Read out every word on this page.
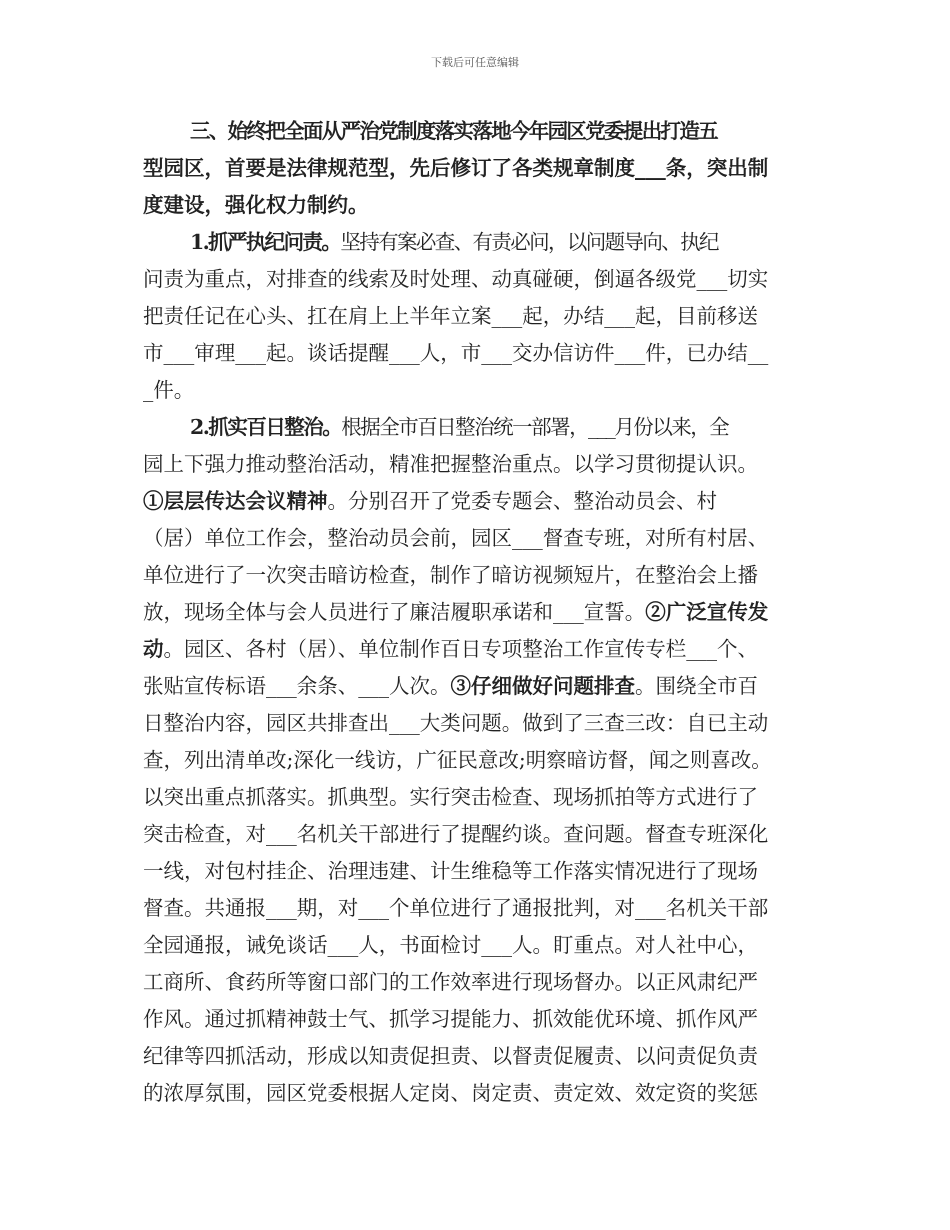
下载后可任意编辑
三、始终把全面从严治党制度落实落地今年园区党委提出打造五
型园区，首要是法律规范型，先后修订了各类规章制度___条，突出制
度建设，强化权力制约。
1.抓严执纪问责。坚持有案必查、有责必问，以问题导向、执纪
问责为重点，对排查的线索及时处理、动真碰硬，倒逼各级党___切实
把责任记在心头、扛在肩上上半年立案___起，办结___起，目前移送
市___审理___起。谈话提醒___人，市___交办信访件___件，已办结__
_件。
2.抓实百日整治。根据全市百日整治统一部署，___月份以来，全
园上下强力推动整治活动，精准把握整治重点。以学习贯彻提认识。
①层层传达会议精神。分别召开了党委专题会、整治动员会、村
（居）单位工作会，整治动员会前，园区___督查专班，对所有村居、
单位进行了一次突击暗访检查，制作了暗访视频短片，在整治会上播
放，现场全体与会人员进行了廉洁履职承诺和___宣誓。②广泛宣传发
动。园区、各村（居）、单位制作百日专项整治工作宣传专栏___个、
张贴宣传标语___余条、___人次。③仔细做好问题排查。围绕全市百
日整治内容，园区共排查出___大类问题。做到了三查三改：自已主动
查，列出清单改;深化一线访，广征民意改;明察暗访督，闻之则喜改。
以突出重点抓落实。抓典型。实行突击检查、现场抓拍等方式进行了
突击检查，对___名机关干部进行了提醒约谈。查问题。督查专班深化
一线，对包村挂企、治理违建、计生维稳等工作落实情况进行了现场
督查。共通报___期，对___个单位进行了通报批判，对___名机关干部
全园通报，诫免谈话___人，书面检讨___人。盯重点。对人社中心，
工商所、食药所等窗口部门的工作效率进行现场督办。以正风肃纪严
作风。通过抓精神鼓士气、抓学习提能力、抓效能优环境、抓作风严
纪律等四抓活动，形成以知责促担责、以督责促履责、以问责促负责
的浓厚氛围，园区党委根据人定岗、岗定责、责定效、效定资的奖惩
